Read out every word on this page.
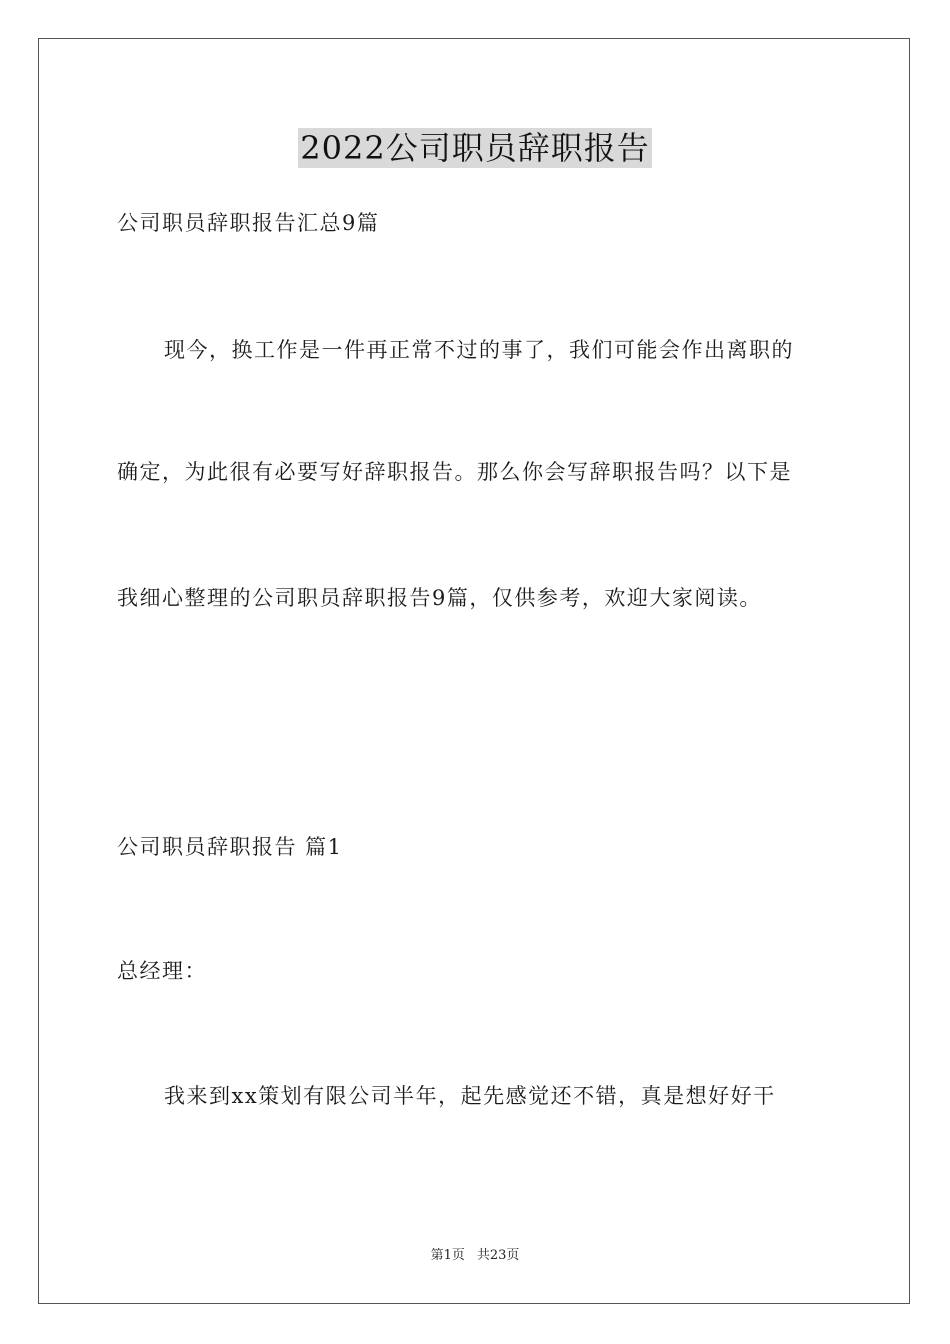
2022公司职员辞职报告
公司职员辞职报告汇总9篇
现今，换工作是一件再正常不过的事了，我们可能会作出离职的
确定，为此很有必要写好辞职报告。那么你会写辞职报告吗？以下是
我细心整理的公司职员辞职报告9篇，仅供参考，欢迎大家阅读。
公司职员辞职报告 篇1
总经理：
我来到xx策划有限公司半年，起先感觉还不错，真是想好好干
第1页 共23页
